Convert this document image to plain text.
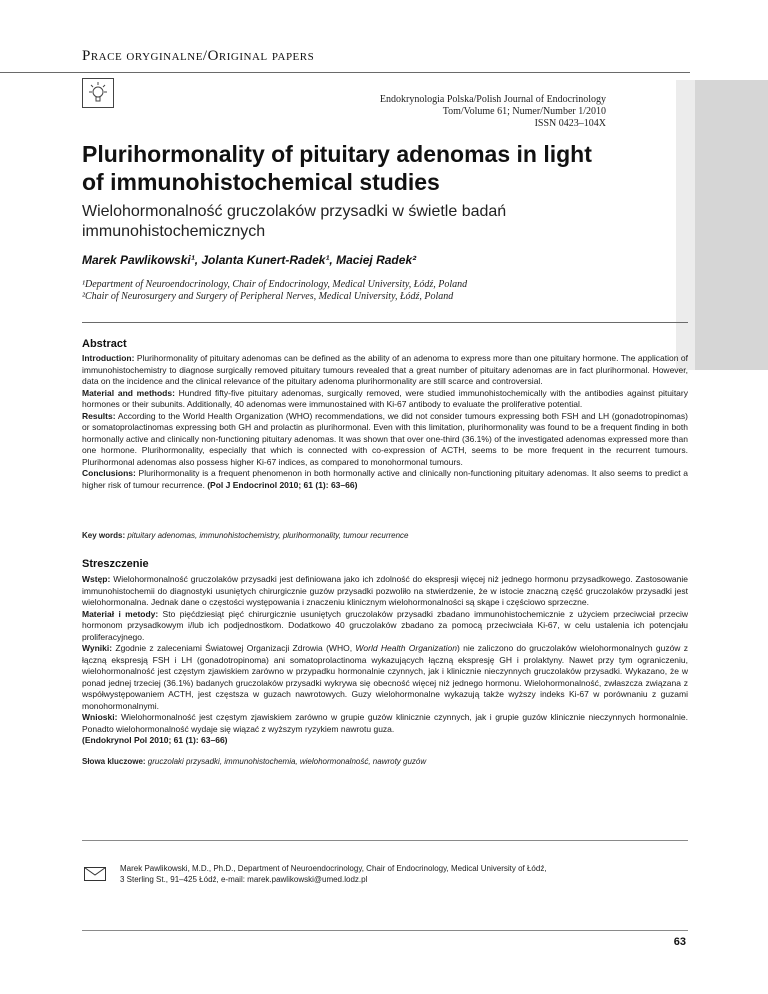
Prace oryginalne/Original papers
Endokrynologia Polska/Polish Journal of Endocrinology
Tom/Volume 61; Numer/Number 1/2010
ISSN 0423–104X
Plurihormonality of pituitary adenomas in light of immunohistochemical studies
Wielohormonalność gruczolaków przysadki w świetle badań immunohistochemicznych
Marek Pawlikowski¹, Jolanta Kunert-Radek¹, Maciej Radek²
¹Department of Neuroendocrinology, Chair of Endocrinology, Medical University, Łódź, Poland
²Chair of Neurosurgery and Surgery of Peripheral Nerves, Medical University, Łódź, Poland
Abstract
Introduction: Plurihormonality of pituitary adenomas can be defined as the ability of an adenoma to express more than one pituitary hormone. The application of immunohistochemistry to diagnose surgically removed pituitary tumours revealed that a great number of pituitary adenomas are in fact plurihormonal. However, data on the incidence and the clinical relevance of the pituitary adenoma plurihormonality are still scarce and controversial.
Material and methods: Hundred fifty-five pituitary adenomas, surgically removed, were studied immunohistochemically with the antibodies against pituitary hormones or their subunits. Additionally, 40 adenomas were immunostained with Ki-67 antibody to evaluate the proliferative potential.
Results: According to the World Health Organization (WHO) recommendations, we did not consider tumours expressing both FSH and LH (gonadotropinomas) or somatoprolactinomas expressing both GH and prolactin as plurihormonal. Even with this limitation, plurihormonality was found to be a frequent finding in both hormonally active and clinically non-functioning pituitary adenomas. It was shown that over one-third (36.1%) of the investigated adenomas expressed more than one hormone. Plurihormonality, especially that which is connected with co-expression of ACTH, seems to be more frequent in the recurrent tumours. Plurihormonal adenomas also possess higher Ki-67 indices, as compared to monohormonal tumours.
Conclusions: Plurihormonality is a frequent phenomenon in both hormonally active and clinically non-functioning pituitary adenomas. It also seems to predict a higher risk of tumour recurrence. (Pol J Endocrinol 2010; 61 (1): 63–66)
Key words: pituitary adenomas, immunohistochemistry, plurihormonality, tumour recurrence
Streszczenie
Wstęp: Wielohormonalność gruczolaków przysadki jest definiowana jako ich zdolność do ekspresji więcej niż jednego hormonu przysadkowego. Zastosowanie immunohistochemii do diagnostyki usuniętych chirurgicznie guzów przysadki pozwoliło na stwierdzenie, że w istocie znaczną część gruczolaków przysadki jest wielohormonalna. Jednak dane o częstości występowania i znaczeniu klinicznym wielohormonalności są skąpe i częściowo sprzeczne.
Materiał i metody: Sto pięćdziesiąt pięć chirurgicznie usuniętych gruczolaków przysadki zbadano immunohistochemicznie z użyciem przeciwciał przeciw hormonom przysadkowym i/lub ich podjednostkom. Dodatkowo 40 gruczolaków zbadano za pomocą przeciwciała Ki-67, w celu ustalenia ich potencjału proliferacyjnego.
Wyniki: Zgodnie z zaleceniami Światowej Organizacji Zdrowia (WHO, World Health Organization) nie zaliczono do gruczolaków wielohormonalnych guzów z łączną ekspresją FSH i LH (gonadotropinoma) ani somatoprolactinoma wykazujących łączną ekspresję GH i prolaktyny. Nawet przy tym ograniczeniu, wielohormonalność jest częstym zjawiskiem zarówno w przypadku hormonalnie czynnych, jak i klinicznie nieczynnych gruczolaków przysadki. Wykazano, że w ponad jednej trzeciej (36.1%) badanych gruczolaków przysadki wykrywa się obecność więcej niż jednego hormonu. Wielohormonalność, zwłaszcza związana z współwystępowaniem ACTH, jest częstsza w guzach nawrotowych. Guzy wielohormonalne wykazują także wyższy indeks Ki-67 w porównaniu z guzami monohormonalnymi.
Wnioski: Wielohormonalność jest częstym zjawiskiem zarówno w grupie guzów klinicznie czynnych, jak i grupie guzów klinicznie nieczynnych hormonalnie. Ponadto wielohormonalność wydaje się wiązać z wyższym ryzykiem nawrotu guza.
(Endokrynol Pol 2010; 61 (1): 63–66)
Słowa kluczowe: gruczolaki przysadki, immunohistochemia, wielohormonalność, nawroty guzów
Marek Pawlikowski, M.D., Ph.D., Department of Neuroendocrinology, Chair of Endocrinology, Medical University of Łódź,
3 Sterling St., 91–425 Łódź, e-mail: marek.pawlikowski@umed.lodz.pl
63
